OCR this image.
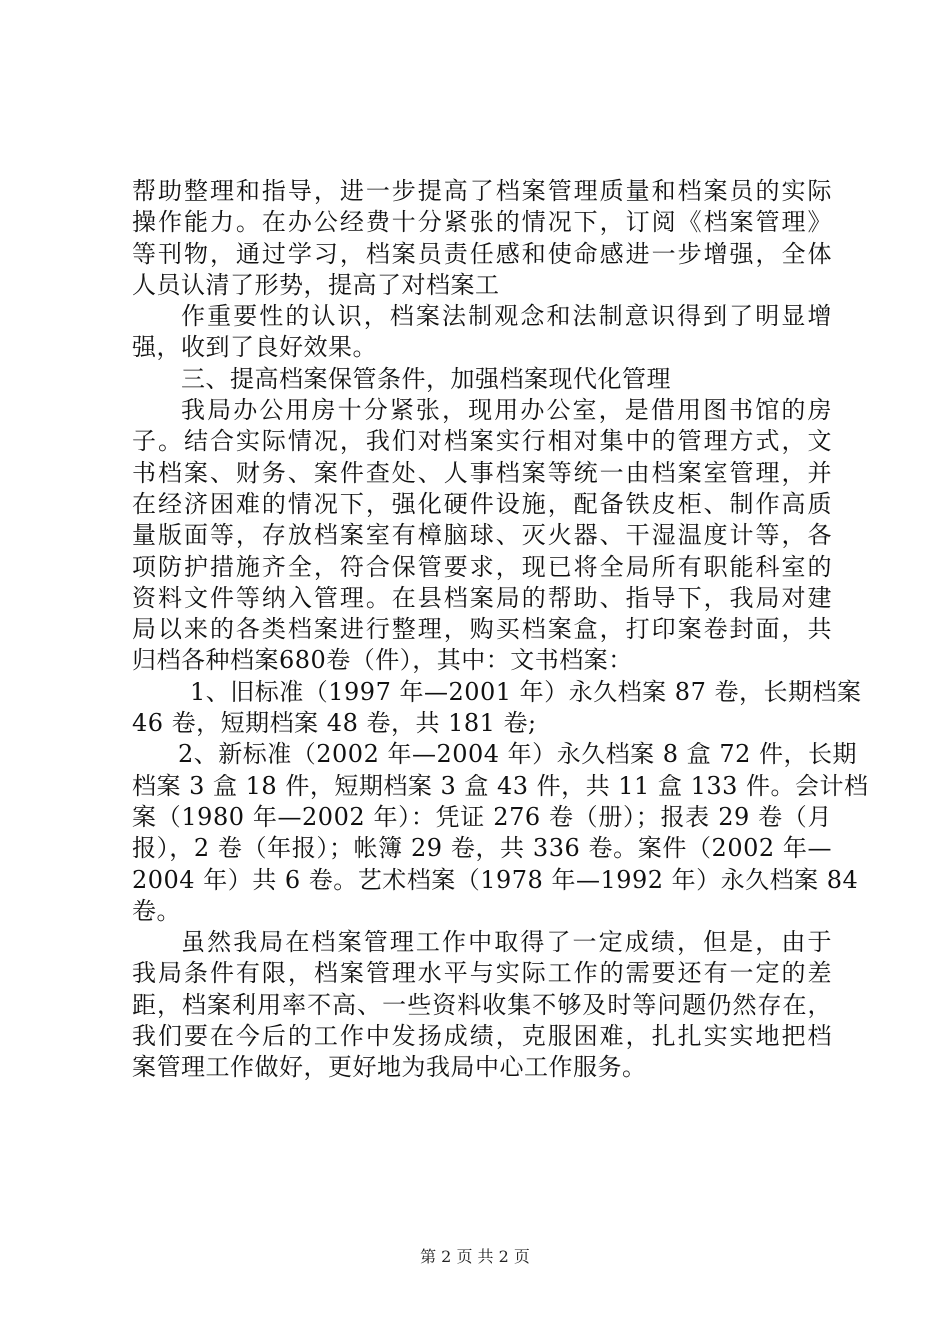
帮助整理和指导，进一步提高了档案管理质量和档案员的实际
操作能力。在办公经费十分紧张的情况下，订阅《档案管理》
等刊物，通过学习，档案员责任感和使命感进一步增强，全体
人员认清了形势，提高了对档案工
作重要性的认识，档案法制观念和法制意识得到了明显增
强，收到了良好效果。
三、提高档案保管条件，加强档案现代化管理
我局办公用房十分紧张，现用办公室，是借用图书馆的房
子。结合实际情况，我们对档案实行相对集中的管理方式，文
书档案、财务、案件查处、人事档案等统一由档案室管理，并
在经济困难的情况下，强化硬件设施，配备铁皮柜、制作高质
量版面等，存放档案室有樟脑球、灭火器、干湿温度计等，各
项防护措施齐全，符合保管要求，现已将全局所有职能科室的
资料文件等纳入管理。在县档案局的帮助、指导下，我局对建
局以来的各类档案进行整理，购买档案盒，打印案卷封面，共
归档各种档案680卷（件），其中：文书档案：
1、旧标准（1997 年—2001 年）永久档案 87 卷，长期档案
46 卷，短期档案 48 卷，共 181 卷;
2、新标准（2002 年—2004 年）永久档案 8 盒 72 件，长期
档案 3 盒 18 件，短期档案 3 盒 43 件，共 11 盒 133 件。会计档
案（1980 年—2002 年）：凭证 276 卷（册）；报表 29 卷（月
报），2 卷（年报）；帐簿 29 卷，共 336 卷。案件（2002 年—
2004 年）共 6 卷。艺术档案（1978 年—1992 年）永久档案 84
卷。
虽然我局在档案管理工作中取得了一定成绩，但是，由于
我局条件有限，档案管理水平与实际工作的需要还有一定的差
距，档案利用率不高、一些资料收集不够及时等问题仍然存在，
我们要在今后的工作中发扬成绩，克服困难，扎扎实实地把档
案管理工作做好，更好地为我局中心工作服务。
第 2 页 共 2 页
